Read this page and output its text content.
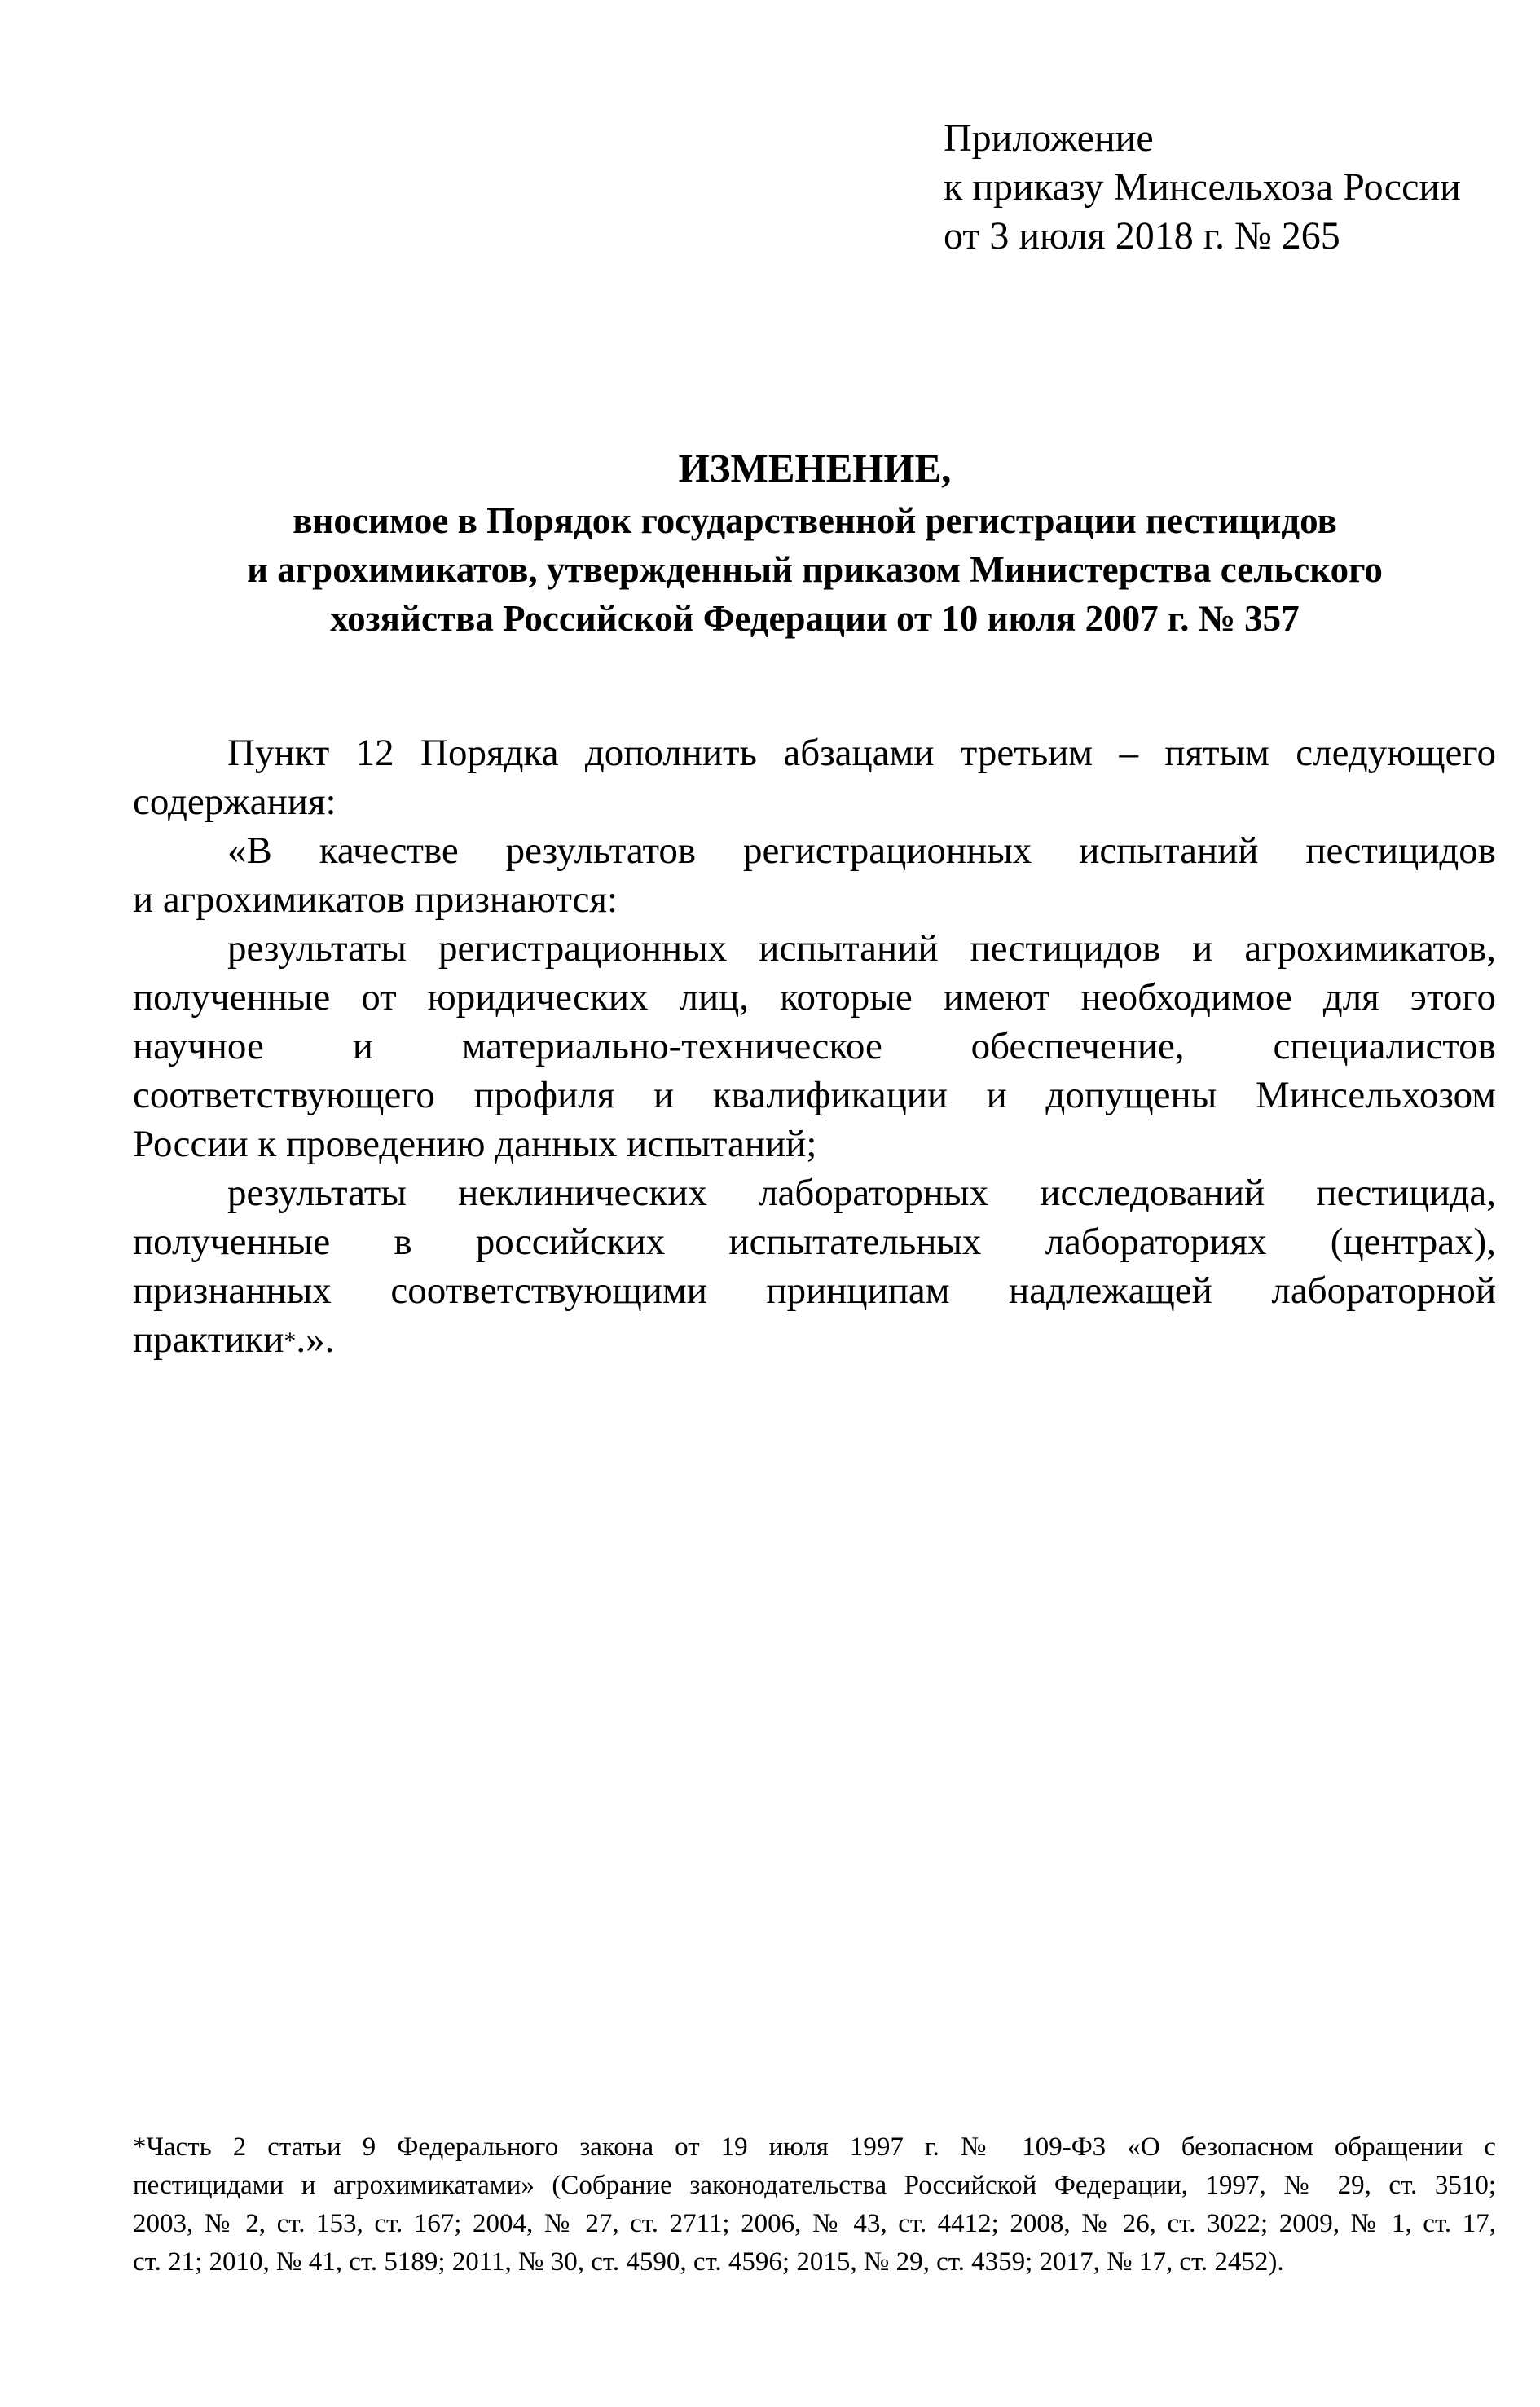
Приложение
к приказу Минсельхоза России
от 3 июля 2018 г. № 265
ИЗМЕНЕНИЕ,
вносимое в Порядок государственной регистрации пестицидов
и агрохимикатов, утвержденный приказом Министерства сельского
хозяйства Российской Федерации от 10 июля 2007 г. № 357
Пункт 12 Порядка дополнить абзацами третьим – пятым следующего
содержания:
«В качестве результатов регистрационных испытаний пестицидов
и агрохимикатов признаются:
результаты регистрационных испытаний пестицидов и агрохимикатов,
полученные от юридических лиц, которые имеют необходимое для этого
научное и материально-техническое обеспечение, специалистов
соответствующего профиля и квалификации и допущены Минсельхозом
России к проведению данных испытаний;
результаты неклинических лабораторных исследований пестицида,
полученные в российских испытательных лабораториях (центрах),
признанных соответствующими принципам надлежащей лабораторной
практики*.».
*Часть 2 статьи 9 Федерального закона от 19 июля 1997 г. № 109-ФЗ «О безопасном обращении с
пестицидами и агрохимикатами» (Собрание законодательства Российской Федерации, 1997, № 29, ст. 3510;
2003, № 2, ст. 153, ст. 167; 2004, № 27, ст. 2711; 2006, № 43, ст. 4412; 2008, № 26, ст. 3022; 2009, № 1, ст. 17,
ст. 21; 2010, № 41, ст. 5189; 2011, № 30, ст. 4590, ст. 4596; 2015, № 29, ст. 4359; 2017, № 17, ст. 2452).
